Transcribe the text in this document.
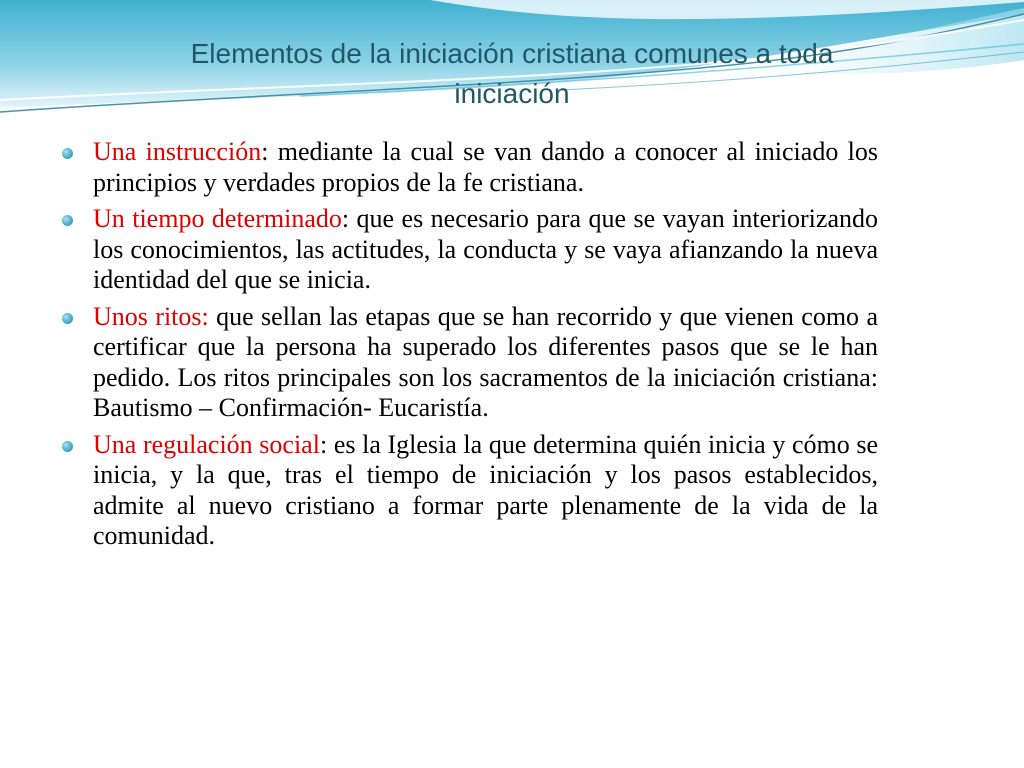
Elementos de la iniciación cristiana comunes a toda
iniciación
Una instrucción: mediante la cual se van dando a conocer al iniciado los principios y verdades propios de la fe cristiana.
Un tiempo determinado: que es necesario para que se vayan interiorizando los conocimientos, las actitudes, la conducta y se vaya afianzando la nueva identidad del que se inicia.
Unos ritos: que sellan las etapas que se han recorrido y que vienen como a certificar que la persona ha superado los diferentes pasos que se le han pedido. Los ritos principales son los sacramentos de la iniciación cristiana: Bautismo – Confirmación- Eucaristía.
Una regulación social: es la Iglesia la que determina quién inicia y cómo se inicia, y la que, tras el tiempo de iniciación y los pasos establecidos, admite al nuevo cristiano a formar parte plenamente de la vida de la comunidad.
